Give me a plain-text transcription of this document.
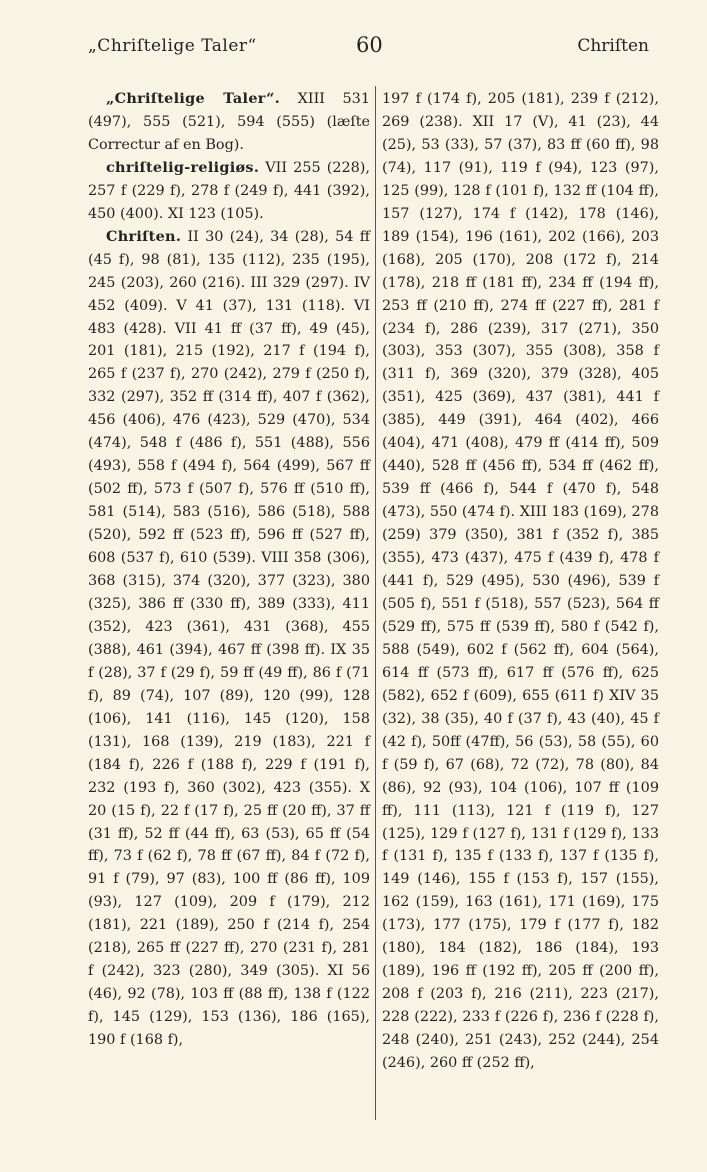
„Chriſtelige Taler“	60	Chriſten

„Chriſtelige Taler“. XIII 531 (497), 555 (521), 594 (555) (læſte Correctur af en Bog).

chriſtelig-religiøs. VII 255 (228), 257 f (229 f), 278 f (249 f), 441 (392), 450 (400). XI 123 (105).

Chriſten. II 30 (24), 34 (28), 54 ff (45 f), 98 (81), 135 (112), 235 (195), 245 (203), 260 (216). III 329 (297). IV 452 (409). V 41 (37), 131 (118). VI 483 (428). VII 41 ff (37 ff), 49 (45), 201 (181), 215 (192), 217 f (194 f), 265 f (237 f), 270 (242), 279 f (250 f), 332 (297), 352 ff (314 ff), 407 f (362), 456 (406), 476 (423), 529 (470), 534 (474), 548 f (486 f), 551 (488), 556 (493), 558 f (494 f), 564 (499), 567 ff (502 ff), 573 f (507 f), 576 ff (510 ff), 581 (514), 583 (516), 586 (518), 588 (520), 592 ff (523 ff), 596 ff (527 ff), 608 (537 f), 610 (539). VIII 358 (306), 368 (315), 374 (320), 377 (323), 380 (325), 386 ff (330 ff), 389 (333), 411 (352), 423 (361), 431 (368), 455 (388), 461 (394), 467 ff (398 ff). IX 35 f (28), 37 f (29 f), 59 ff (49 ff), 86 f (71 f), 89 (74), 107 (89), 120 (99), 128 (106), 141 (116), 145 (120), 158 (131), 168 (139), 219 (183), 221 f (184 f), 226 f (188 f), 229 f (191 f), 232 (193 f), 360 (302), 423 (355). X 20 (15 f), 22 f (17 f), 25 ff (20 ff), 37 ff (31 ff), 52 ff (44 ff), 63 (53), 65 ff (54 ff), 73 f (62 f), 78 ff (67 ff), 84 f (72 f), 91 f (79), 97 (83), 100 ff (86 ff), 109 (93), 127 (109), 209 f (179), 212 (181), 221 (189), 250 f (214 f), 254 (218), 265 ff (227 ff), 270 (231 f), 281 f (242), 323 (280), 349 (305). XI 56 (46), 92 (78), 103 ff (88 ff), 138 f (122 f), 145 (129), 153 (136), 186 (165), 190 f (168 f),

197 f (174 f), 205 (181), 239 f (212), 269 (238). XII 17 (V), 41 (23), 44 (25), 53 (33), 57 (37), 83 ff (60 ff), 98 (74), 117 (91), 119 f (94), 123 (97), 125 (99), 128 f (101 f), 132 ff (104 ff), 157 (127), 174 f (142), 178 (146), 189 (154), 196 (161), 202 (166), 203 (168), 205 (170), 208 (172 f), 214 (178), 218 ff (181 ff), 234 ff (194 ff), 253 ff (210 ff), 274 ff (227 ff), 281 f (234 f), 286 (239), 317 (271), 350 (303), 353 (307), 355 (308), 358 f (311 f), 369 (320), 379 (328), 405 (351), 425 (369), 437 (381), 441 f (385), 449 (391), 464 (402), 466 (404), 471 (408), 479 ff (414 ff), 509 (440), 528 ff (456 ff), 534 ff (462 ff), 539 ff (466 f), 544 f (470 f), 548 (473), 550 (474 f). XIII 183 (169), 278 (259) 379 (350), 381 f (352 f), 385 (355), 473 (437), 475 f (439 f), 478 f (441 f), 529 (495), 530 (496), 539 f (505 f), 551 f (518), 557 (523), 564 ff (529 ff), 575 ff (539 ff), 580 f (542 f), 588 (549), 602 f (562 ff), 604 (564), 614 ff (573 ff), 617 ff (576 ff), 625 (582), 652 f (609), 655 (611 f) XIV 35 (32), 38 (35), 40 f (37 f), 43 (40), 45 f (42 f), 50ff (47ff), 56 (53), 58 (55), 60 f (59 f), 67 (68), 72 (72), 78 (80), 84 (86), 92 (93), 104 (106), 107 ff (109 ff), 111 (113), 121 f (119 f), 127 (125), 129 f (127 f), 131 f (129 f), 133 f (131 f), 135 f (133 f), 137 f (135 f), 149 (146), 155 f (153 f), 157 (155), 162 (159), 163 (161), 171 (169), 175 (173), 177 (175), 179 f (177 f), 182 (180), 184 (182), 186 (184), 193 (189), 196 ff (192 ff), 205 ff (200 ff), 208 f (203 f), 216 (211), 223 (217), 228 (222), 233 f (226 f), 236 f (228 f), 248 (240), 251 (243), 252 (244), 254 (246), 260 ff (252 ff),
